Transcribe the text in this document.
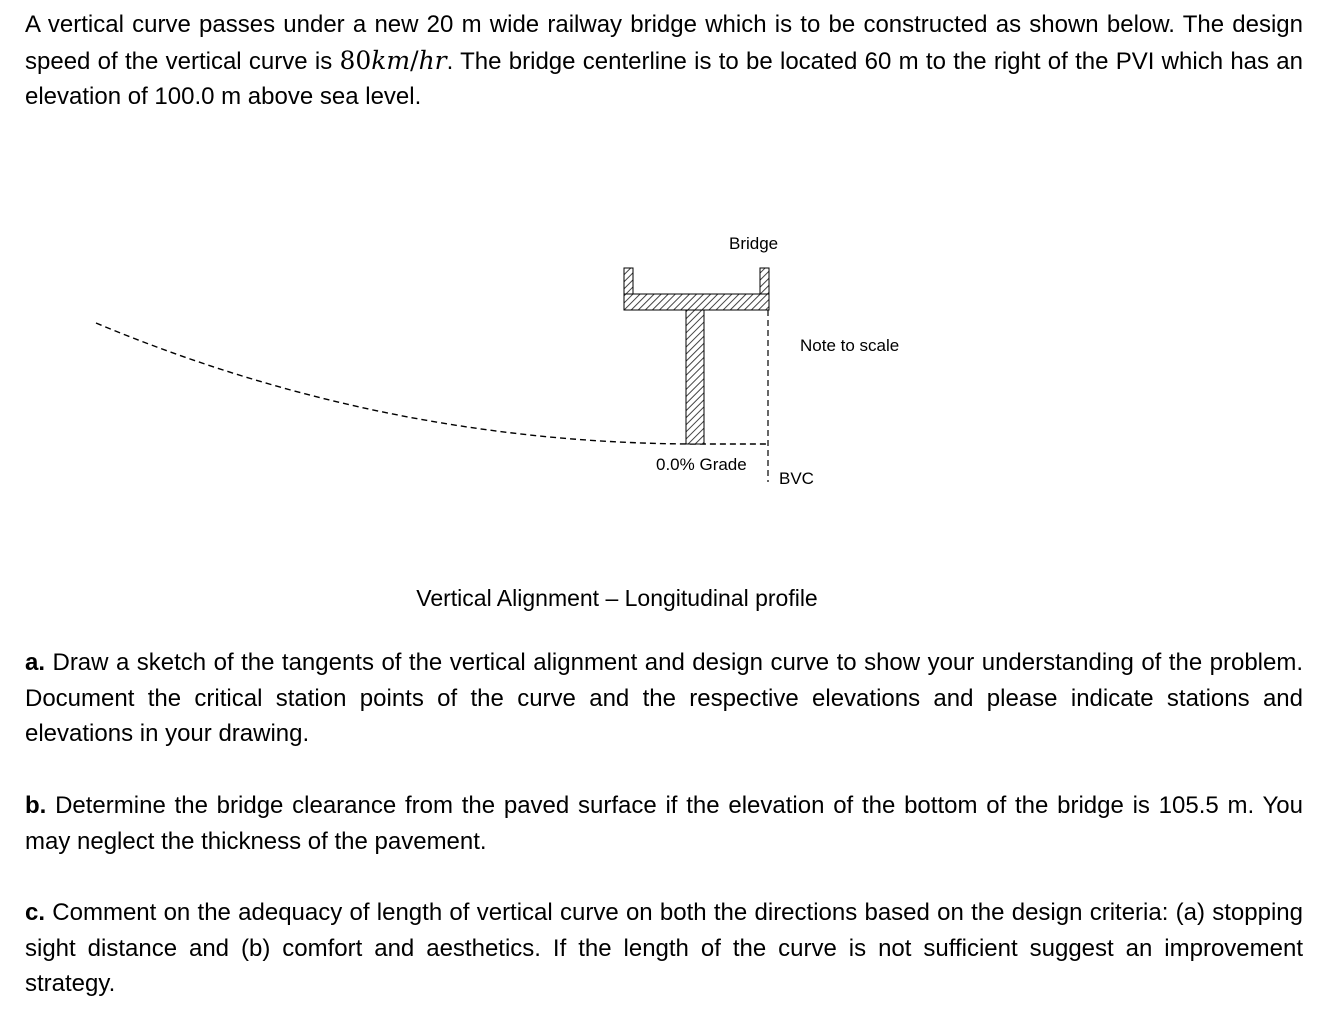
A vertical curve passes under a new 20 m wide railway bridge which is to be constructed as shown below. The design speed of the vertical curve is 80km/hr. The bridge centerline is to be located 60 m to the right of the PVI which has an elevation of 100.0 m above sea level.
Bridge
Note to scale
0.0% Grade
BVC
Vertical Alignment – Longitudinal profile
a. Draw a sketch of the tangents of the vertical alignment and design curve to show your understanding of the problem. Document the critical station points of the curve and the respective elevations and please indicate stations and elevations in your drawing.
b. Determine the bridge clearance from the paved surface if the elevation of the bottom of the bridge is 105.5 m. You may neglect the thickness of the pavement.
c. Comment on the adequacy of length of vertical curve on both the directions based on the design criteria: (a) stopping sight distance and (b) comfort and aesthetics. If the length of the curve is not sufficient suggest an improvement strategy.
